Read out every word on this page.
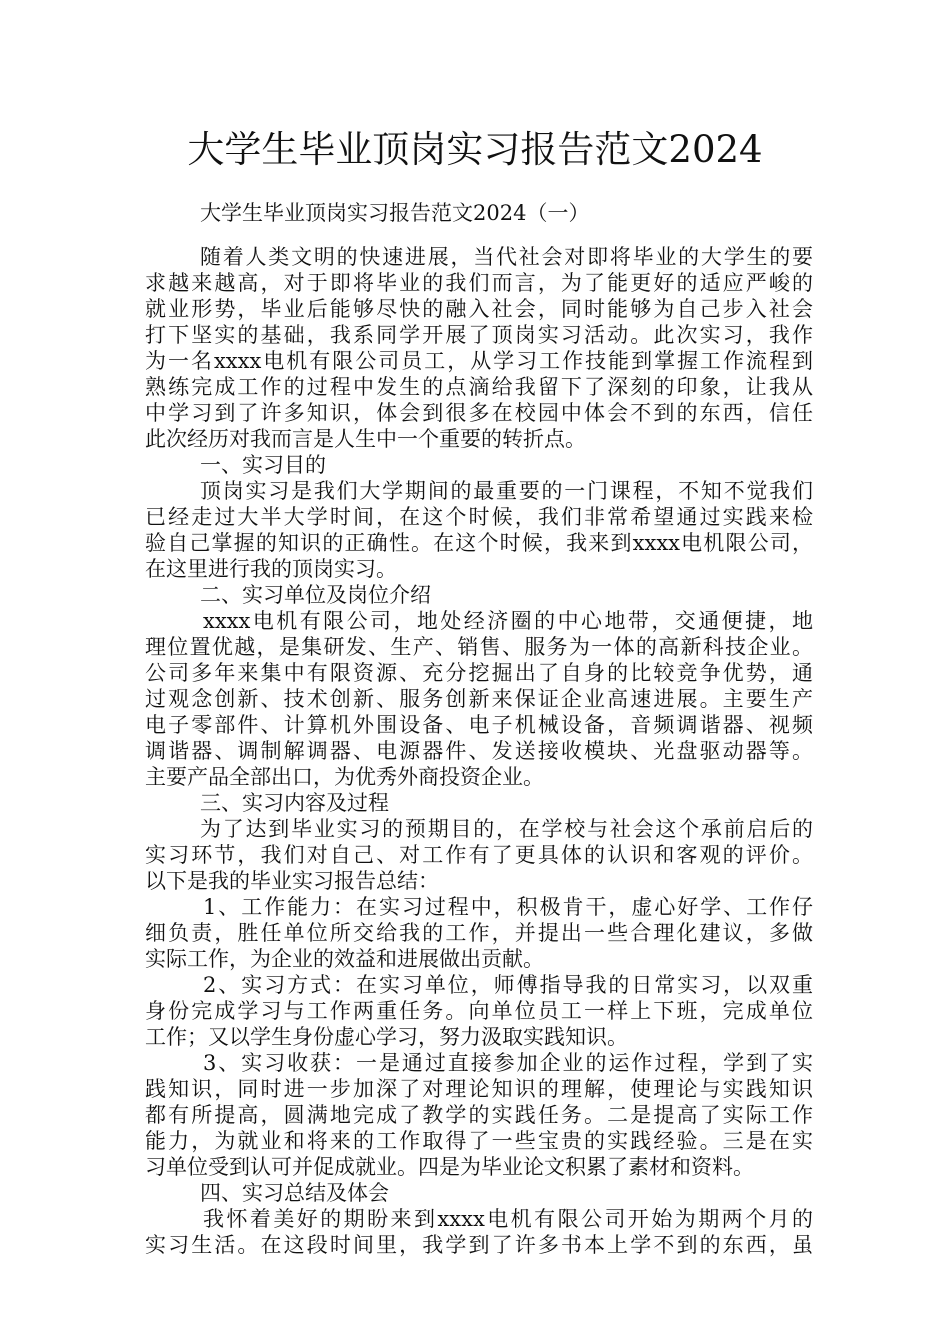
大学生毕业顶岗实习报告范文2024

大学生毕业顶岗实习报告范文2024（一）

随着人类文明的快速进展，当代社会对即将毕业的大学生的要
求越来越高，对于即将毕业的我们而言，为了能更好的适应严峻的
就业形势，毕业后能够尽快的融入社会，同时能够为自己步入社会
打下坚实的基础，我系同学开展了顶岗实习活动。此次实习，我作
为一名xxxx电机有限公司员工，从学习工作技能到掌握工作流程到
熟练完成工作的过程中发生的点滴给我留下了深刻的印象，让我从
中学习到了许多知识，体会到很多在校园中体会不到的东西，信任
此次经历对我而言是人生中一个重要的转折点。
一、实习目的
顶岗实习是我们大学期间的最重要的一门课程，不知不觉我们
已经走过大半大学时间，在这个时候，我们非常希望通过实践来检
验自己掌握的知识的正确性。在这个时候，我来到xxxx电机限公司，
在这里进行我的顶岗实习。
二、实习单位及岗位介绍
xxxx电机有限公司，地处经济圈的中心地带，交通便捷，地
理位置优越，是集研发、生产、销售、服务为一体的高新科技企业。
公司多年来集中有限资源、充分挖掘出了自身的比较竞争优势，通
过观念创新、技术创新、服务创新来保证企业高速进展。主要生产
电子零部件、计算机外围设备、电子机械设备，音频调谐器、视频
调谐器、调制解调器、电源器件、发送接收模块、光盘驱动器等。
主要产品全部出口，为优秀外商投资企业。
三、实习内容及过程
为了达到毕业实习的预期目的，在学校与社会这个承前启后的
实习环节，我们对自己、对工作有了更具体的认识和客观的评价。
以下是我的毕业实习报告总结：
1、工作能力：在实习过程中，积极肯干，虚心好学、工作仔
细负责，胜任单位所交给我的工作，并提出一些合理化建议，多做
实际工作，为企业的效益和进展做出贡献。
2、实习方式：在实习单位，师傅指导我的日常实习，以双重
身份完成学习与工作两重任务。向单位员工一样上下班，完成单位
工作；又以学生身份虚心学习，努力汲取实践知识。
3、实习收获：一是通过直接参加企业的运作过程，学到了实
践知识，同时进一步加深了对理论知识的理解，使理论与实践知识
都有所提高，圆满地完成了教学的实践任务。二是提高了实际工作
能力，为就业和将来的工作取得了一些宝贵的实践经验。三是在实
习单位受到认可并促成就业。四是为毕业论文积累了素材和资料。
四、实习总结及体会
我怀着美好的期盼来到xxxx电机有限公司开始为期两个月的
实习生活。在这段时间里，我学到了许多书本上学不到的东西，虽
